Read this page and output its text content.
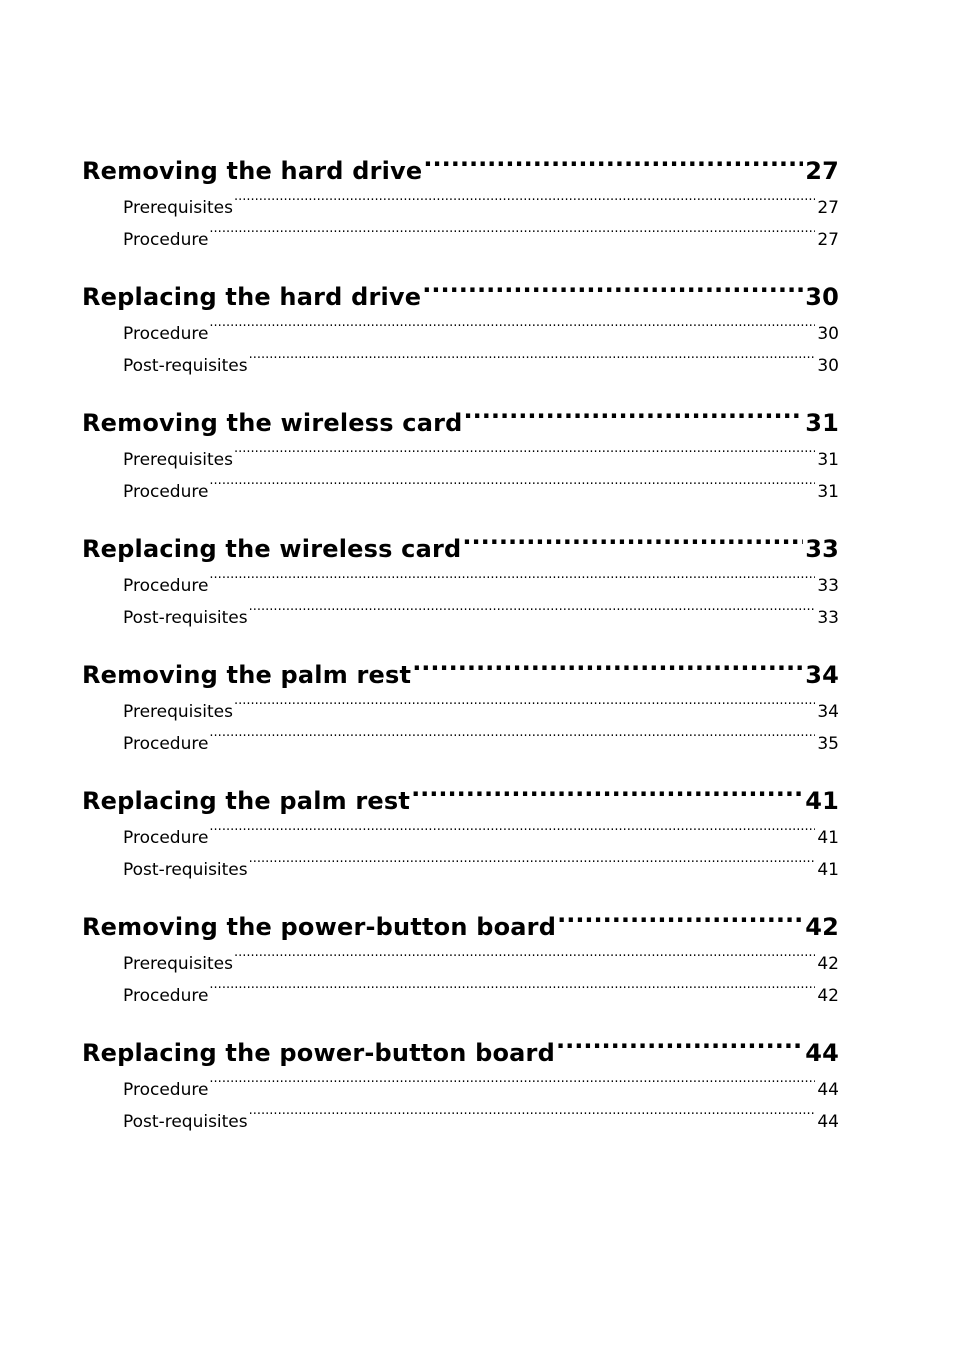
Removing the hard drive .....	27
Prerequisites .....	27
Procedure .....	27
Replacing the hard drive .....	30
Procedure .....	30
Post-requisites .....	30
Removing the wireless card .....	31
Prerequisites .....	31
Procedure .....	31
Replacing the wireless card .....	33
Procedure .....	33
Post-requisites .....	33
Removing the palm rest .....	34
Prerequisites .....	34
Procedure .....	35
Replacing the palm rest .....	41
Procedure .....	41
Post-requisites .....	41
Removing the power-button board .....	42
Prerequisites .....	42
Procedure .....	42
Replacing the power-button board .....	44
Procedure .....	44
Post-requisites .....	44
